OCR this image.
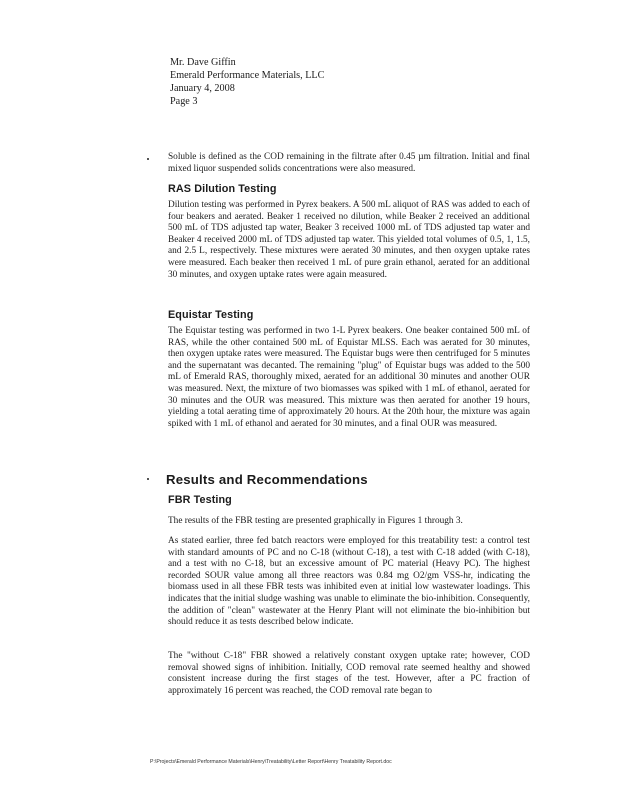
Mr. Dave Giffin
Emerald Performance Materials, LLC
January 4, 2008
Page 3
Soluble is defined as the COD remaining in the filtrate after 0.45 µm filtration. Initial and final mixed liquor suspended solids concentrations were also measured.
RAS Dilution Testing
Dilution testing was performed in Pyrex beakers. A 500 mL aliquot of RAS was added to each of four beakers and aerated. Beaker 1 received no dilution, while Beaker 2 received an additional 500 mL of TDS adjusted tap water, Beaker 3 received 1000 mL of TDS adjusted tap water and Beaker 4 received 2000 mL of TDS adjusted tap water. This yielded total volumes of 0.5, 1, 1.5, and 2.5 L, respectively. These mixtures were aerated 30 minutes, and then oxygen uptake rates were measured. Each beaker then received 1 mL of pure grain ethanol, aerated for an additional 30 minutes, and oxygen uptake rates were again measured.
Equistar Testing
The Equistar testing was performed in two 1-L Pyrex beakers. One beaker contained 500 mL of RAS, while the other contained 500 mL of Equistar MLSS. Each was aerated for 30 minutes, then oxygen uptake rates were measured. The Equistar bugs were then centrifuged for 5 minutes and the supernatant was decanted. The remaining "plug" of Equistar bugs was added to the 500 mL of Emerald RAS, thoroughly mixed, aerated for an additional 30 minutes and another OUR was measured. Next, the mixture of two biomasses was spiked with 1 mL of ethanol, aerated for 30 minutes and the OUR was measured. This mixture was then aerated for another 19 hours, yielding a total aerating time of approximately 20 hours. At the 20th hour, the mixture was again spiked with 1 mL of ethanol and aerated for 30 minutes, and a final OUR was measured.
Results and Recommendations
FBR Testing
The results of the FBR testing are presented graphically in Figures 1 through 3.
As stated earlier, three fed batch reactors were employed for this treatability test: a control test with standard amounts of PC and no C-18 (without C-18), a test with C-18 added (with C-18), and a test with no C-18, but an excessive amount of PC material (Heavy PC). The highest recorded SOUR value among all three reactors was 0.84 mg O2/gm VSS-hr, indicating the biomass used in all these FBR tests was inhibited even at initial low wastewater loadings. This indicates that the initial sludge washing was unable to eliminate the bio-inhibition. Consequently, the addition of "clean" wastewater at the Henry Plant will not eliminate the bio-inhibition but should reduce it as tests described below indicate.
The "without C-18" FBR showed a relatively constant oxygen uptake rate; however, COD removal showed signs of inhibition. Initially, COD removal rate seemed healthy and showed consistent increase during the first stages of the test. However, after a PC fraction of approximately 16 percent was reached, the COD removal rate began to
P:\Projects\Emerald Performance Materials\Henry\Treatability\Letter Report\Henry Treatability Report.doc
